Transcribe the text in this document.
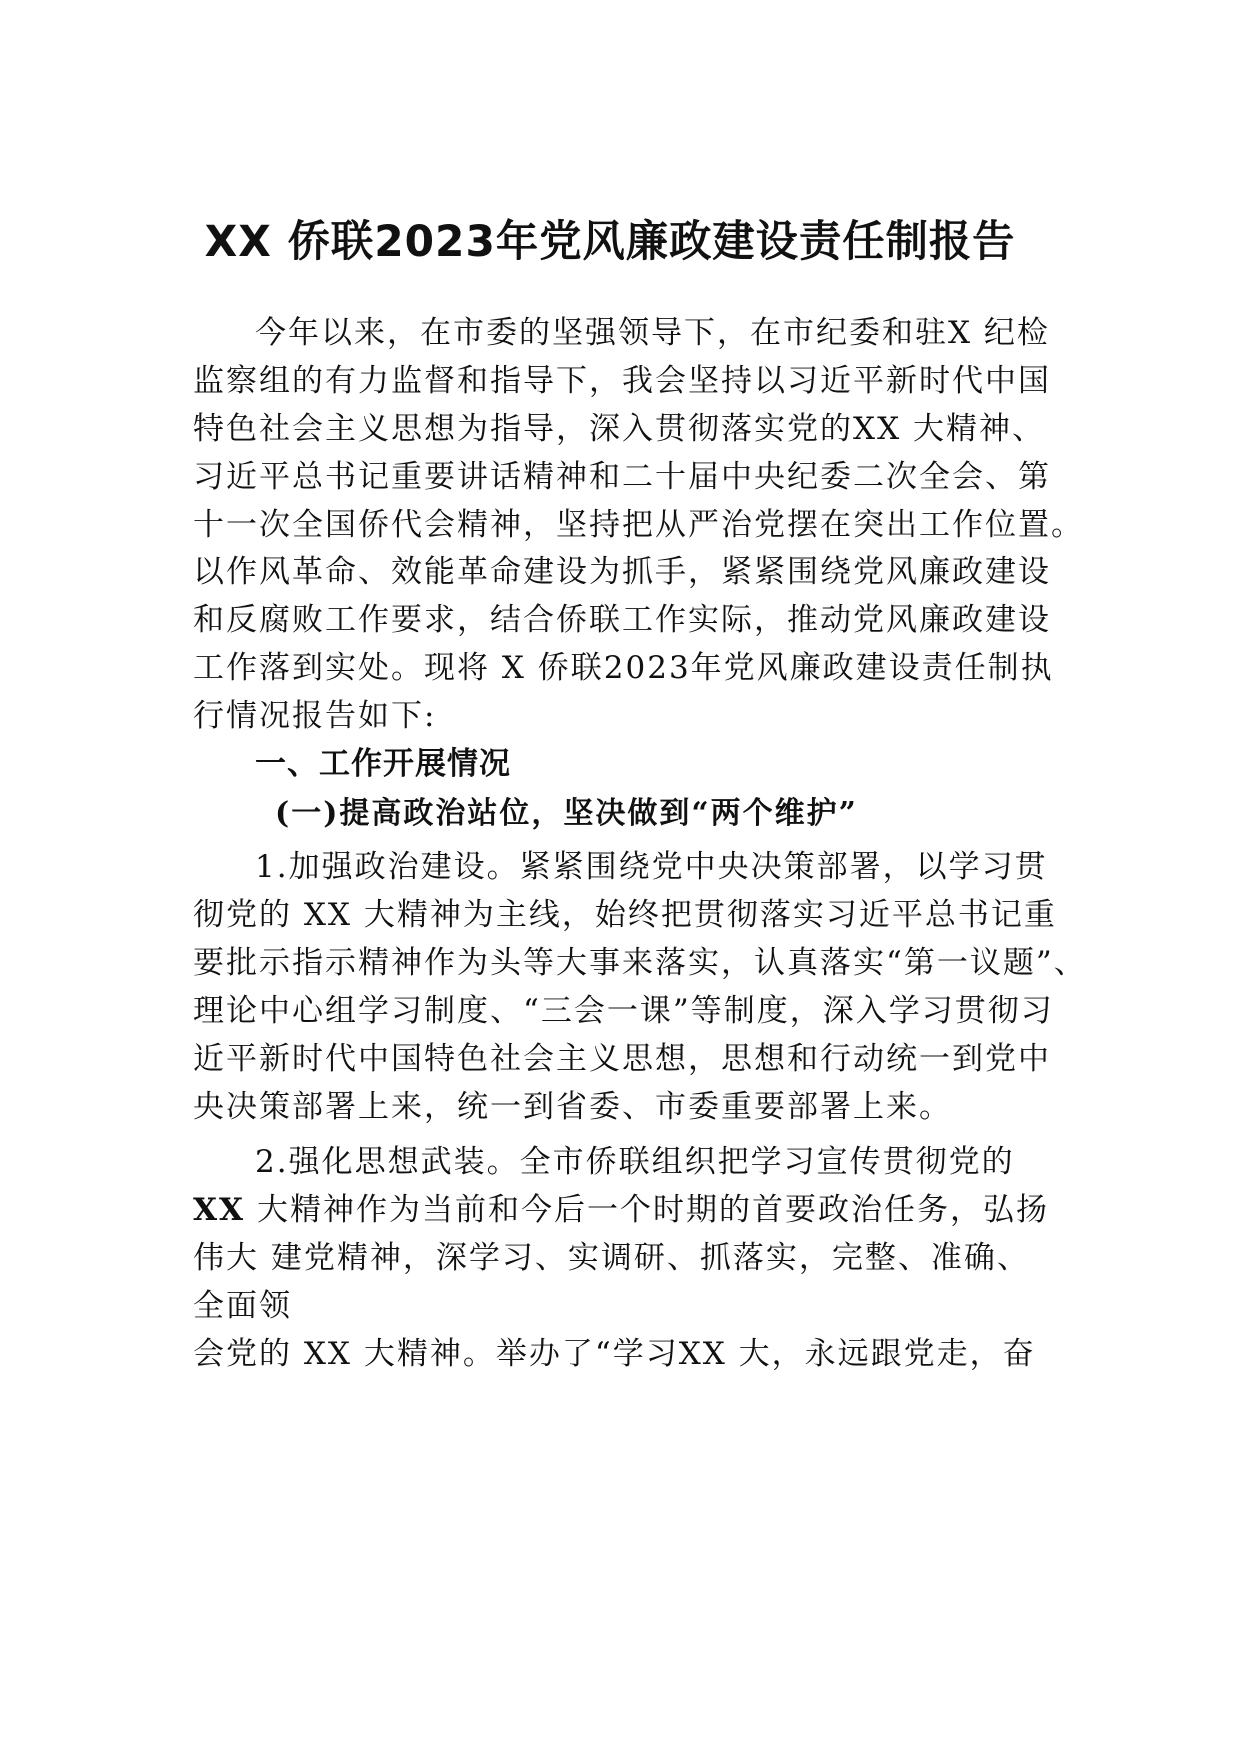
XX 侨联2023年党风廉政建设责任制报告
今年以来，在市委的坚强领导下，在市纪委和驻X 纪检
监察组的有力监督和指导下，我会坚持以习近平新时代中国
特色社会主义思想为指导，深入贯彻落实党的XX 大精神、
习近平总书记重要讲话精神和二十届中央纪委二次全会、第
十一次全国侨代会精神，坚持把从严治党摆在突出工作位置。
以作风革命、效能革命建设为抓手，紧紧围绕党风廉政建设
和反腐败工作要求，结合侨联工作实际，推动党风廉政建设
工作落到实处。现将 X 侨联2023年党风廉政建设责任制执
行情况报告如下:
一、工作开展情况
(一)提高政治站位，坚决做到“两个维护”
1.加强政治建设。紧紧围绕党中央决策部署，以学习贯
彻党的 XX 大精神为主线，始终把贯彻落实习近平总书记重
要批示指示精神作为头等大事来落实，认真落实“第一议题”、
理论中心组学习制度、“三会一课”等制度，深入学习贯彻习
近平新时代中国特色社会主义思想，思想和行动统一到党中
央决策部署上来，统一到省委、市委重要部署上来。
2.强化思想武装。全市侨联组织把学习宣传贯彻党的
XX 大精神作为当前和今后一个时期的首要政治任务，弘扬
伟大 建党精神，深学习、实调研、抓落实，完整、准确、
全面领
会党的 XX 大精神。举办了“学习XX 大，永远跟党走，奋
